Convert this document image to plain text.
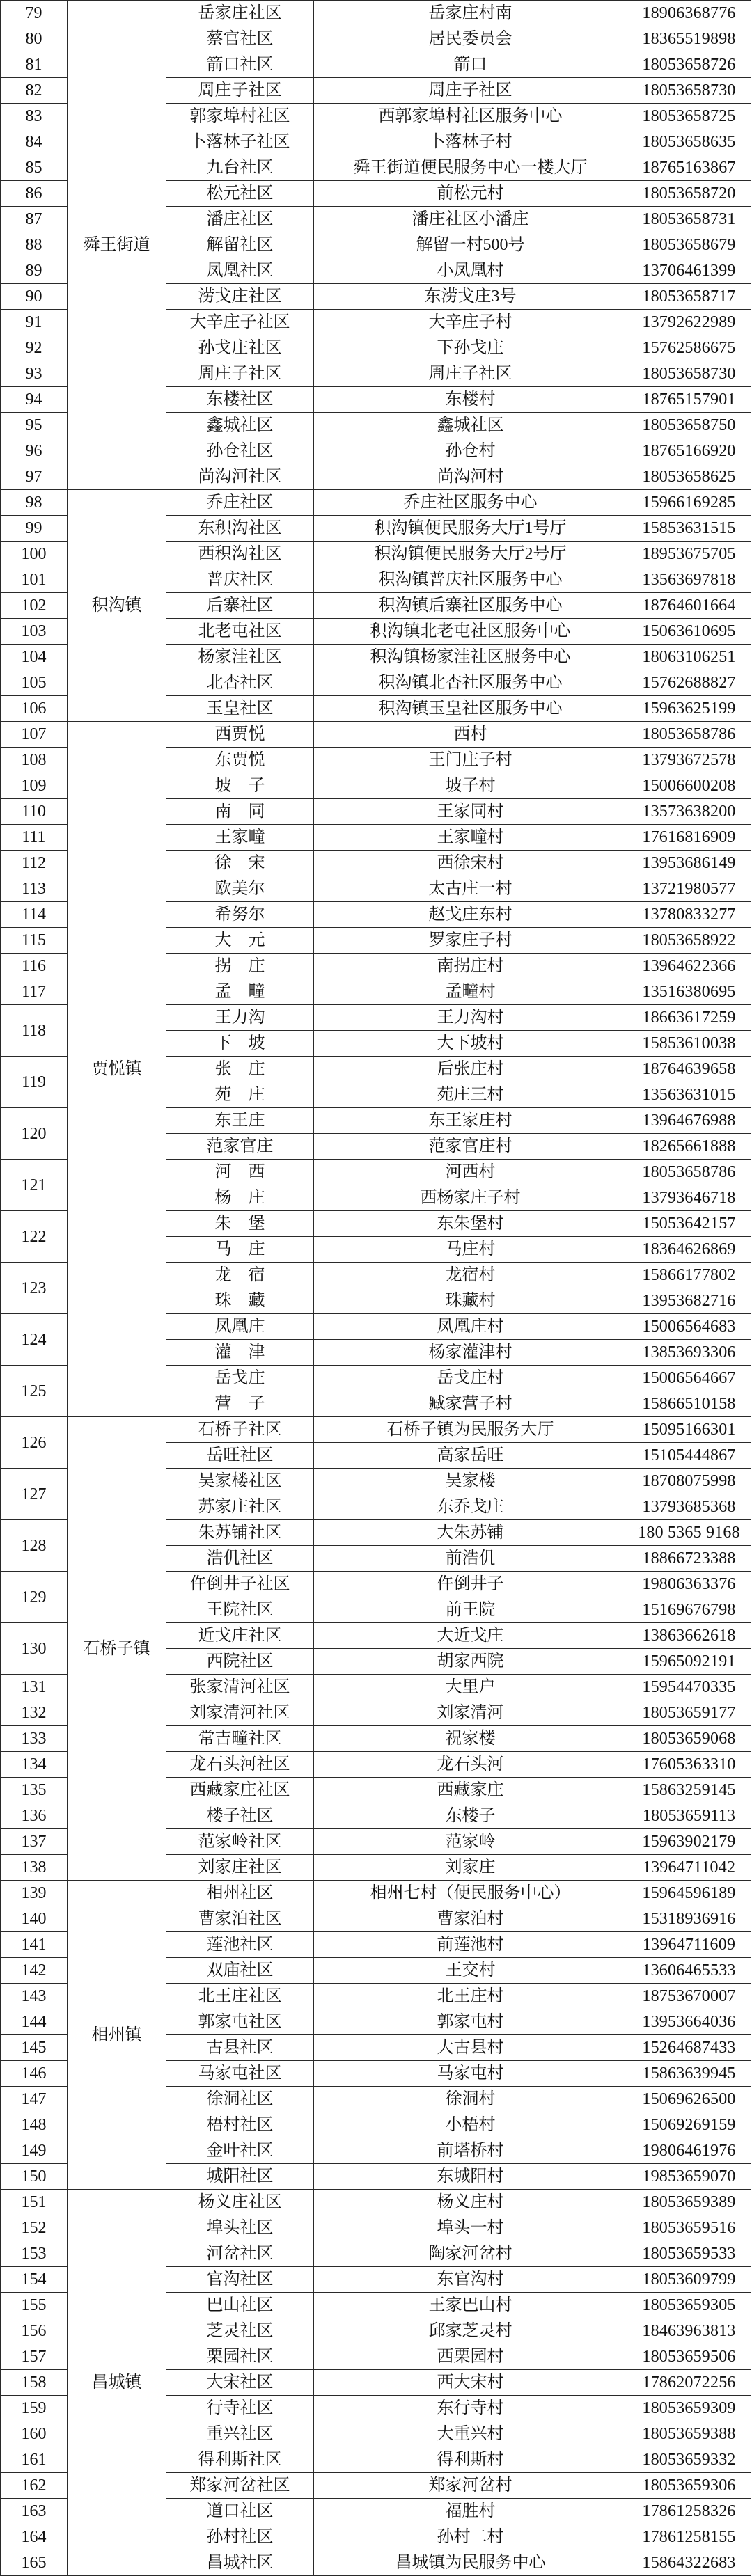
79	舜王街道	岳家庄社区	岳家庄村南	18906368776
80		蔡官社区	居民委员会	18365519898
81		箭口社区	箭口	18053658726
82		周庄子社区	周庄子社区	18053658730
83		郭家埠村社区	西郭家埠村社区服务中心	18053658725
84		卜落林子社区	卜落林子村	18053658635
85		九台社区	舜王街道便民服务中心一楼大厅	18765163867
86		松元社区	前松元村	18053658720
87		潘庄社区	潘庄社区小潘庄	18053658731
88		解留社区	解留一村500号	18053658679
89		凤凰社区	小凤凰村	13706461399
90		涝戈庄社区	东涝戈庄3号	18053658717
91		大辛庄子社区	大辛庄子村	13792622989
92		孙戈庄社区	下孙戈庄	15762586675
93		周庄子社区	周庄子社区	18053658730
94		东楼社区	东楼村	18765157901
95		鑫城社区	鑫城社区	18053658750
96		孙仓社区	孙仓村	18765166920
97		尚沟河社区	尚沟河村	18053658625
98	积沟镇	乔庄社区	乔庄社区服务中心	15966169285
99		东积沟社区	积沟镇便民服务大厅1号厅	15853631515
100		西积沟社区	积沟镇便民服务大厅2号厅	18953675705
101		普庆社区	积沟镇普庆社区服务中心	13563697818
102		后寨社区	积沟镇后寨社区服务中心	18764601664
103		北老屯社区	积沟镇北老屯社区服务中心	15063610695
104		杨家洼社区	积沟镇杨家洼社区服务中心	18063106251
105		北杏社区	积沟镇北杏社区服务中心	15762688827
106		玉皇社区	积沟镇玉皇社区服务中心	15963625199
107	贾悦镇	西贾悦	西村	18053658786
108		东贾悦	王门庄子村	13793672578
109		坡　子	坡子村	15006600208
110		南　同	王家同村	13573638200
111		王家疃	王家疃村	17616816909
112		徐　宋	西徐宋村	13953686149
113		欧美尔	太古庄一村	13721980577
114		希努尔	赵戈庄东村	13780833277
115		大　元	罗家庄子村	18053658922
116		拐　庄	南拐庄村	13964622366
117		孟　疃	孟疃村	13516380695
118		王力沟	王力沟村	18663617259
		下　坡	大下坡村	15853610038
119		张　庄	后张庄村	18764639658
		苑　庄	苑庄三村	13563631015
120		东王庄	东王家庄村	13964676988
		范家官庄	范家官庄村	18265661888
121		河　西	河西村	18053658786
		杨　庄	西杨家庄子村	13793646718
122		朱　堡	东朱堡村	15053642157
		马　庄	马庄村	18364626869
123		龙　宿	龙宿村	15866177802
		珠　藏	珠藏村	13953682716
124		凤凰庄	凤凰庄村	15006564683
		灌　津	杨家灌津村	13853693306
125		岳戈庄	岳戈庄村	15006564667
		营　子	臧家营子村	15866510158
126	石桥子镇	石桥子社区	石桥子镇为民服务大厅	15095166301
		岳旺社区	高家岳旺	15105444867
127		吴家楼社区	吴家楼	18708075998
		苏家庄社区	东乔戈庄	13793685368
128		朱苏铺社区	大朱苏铺	180 5365 9168
		浩仉社区	前浩仉	18866723388
129		仵倒井子社区	仵倒井子	19806363376
		王院社区	前王院	15169676798
130		近戈庄社区	大近戈庄	13863662618
		西院社区	胡家西院	15965092191
131		张家清河社区	大里户	15954470335
132		刘家清河社区	刘家清河	18053659177
133		常吉疃社区	祝家楼	18053659068
134		龙石头河社区	龙石头河	17605363310
135		西藏家庄社区	西藏家庄	15863259145
136		楼子社区	东楼子	18053659113
137		范家岭社区	范家岭	15963902179
138		刘家庄社区	刘家庄	13964711042
139	相州镇	相州社区	相州七村（便民服务中心）	15964596189
140		曹家泊社区	曹家泊村	15318936916
141		莲池社区	前莲池村	13964711609
142		双庙社区	王交村	13606465533
143		北王庄社区	北王庄村	18753670007
144		郭家屯社区	郭家屯村	13953664036
145		古县社区	大古县村	15264687433
146		马家屯社区	马家屯村	15863639945
147		徐洞社区	徐洞村	15069626500
148		梧村社区	小梧村	15069269159
149		金叶社区	前塔桥村	19806461976
150		城阳社区	东城阳村	19853659070
151	昌城镇	杨义庄社区	杨义庄村	18053659389
152		埠头社区	埠头一村	18053659516
153		河岔社区	陶家河岔村	18053659533
154		官沟社区	东官沟村	18053609799
155		巴山社区	王家巴山村	18053659305
156		芝灵社区	邱家芝灵村	18463963813
157		栗园社区	西栗园村	18053659506
158		大宋社区	西大宋村	17862072256
159		行寺社区	东行寺村	18053659309
160		重兴社区	大重兴村	18053659388
161		得利斯社区	得利斯村	18053659332
162		郑家河岔社区	郑家河岔村	18053659306
163		道口社区	福胜村	17861258326
164		孙村社区	孙村二村	17861258155
165		昌城社区	昌城镇为民服务中心	15864322683
